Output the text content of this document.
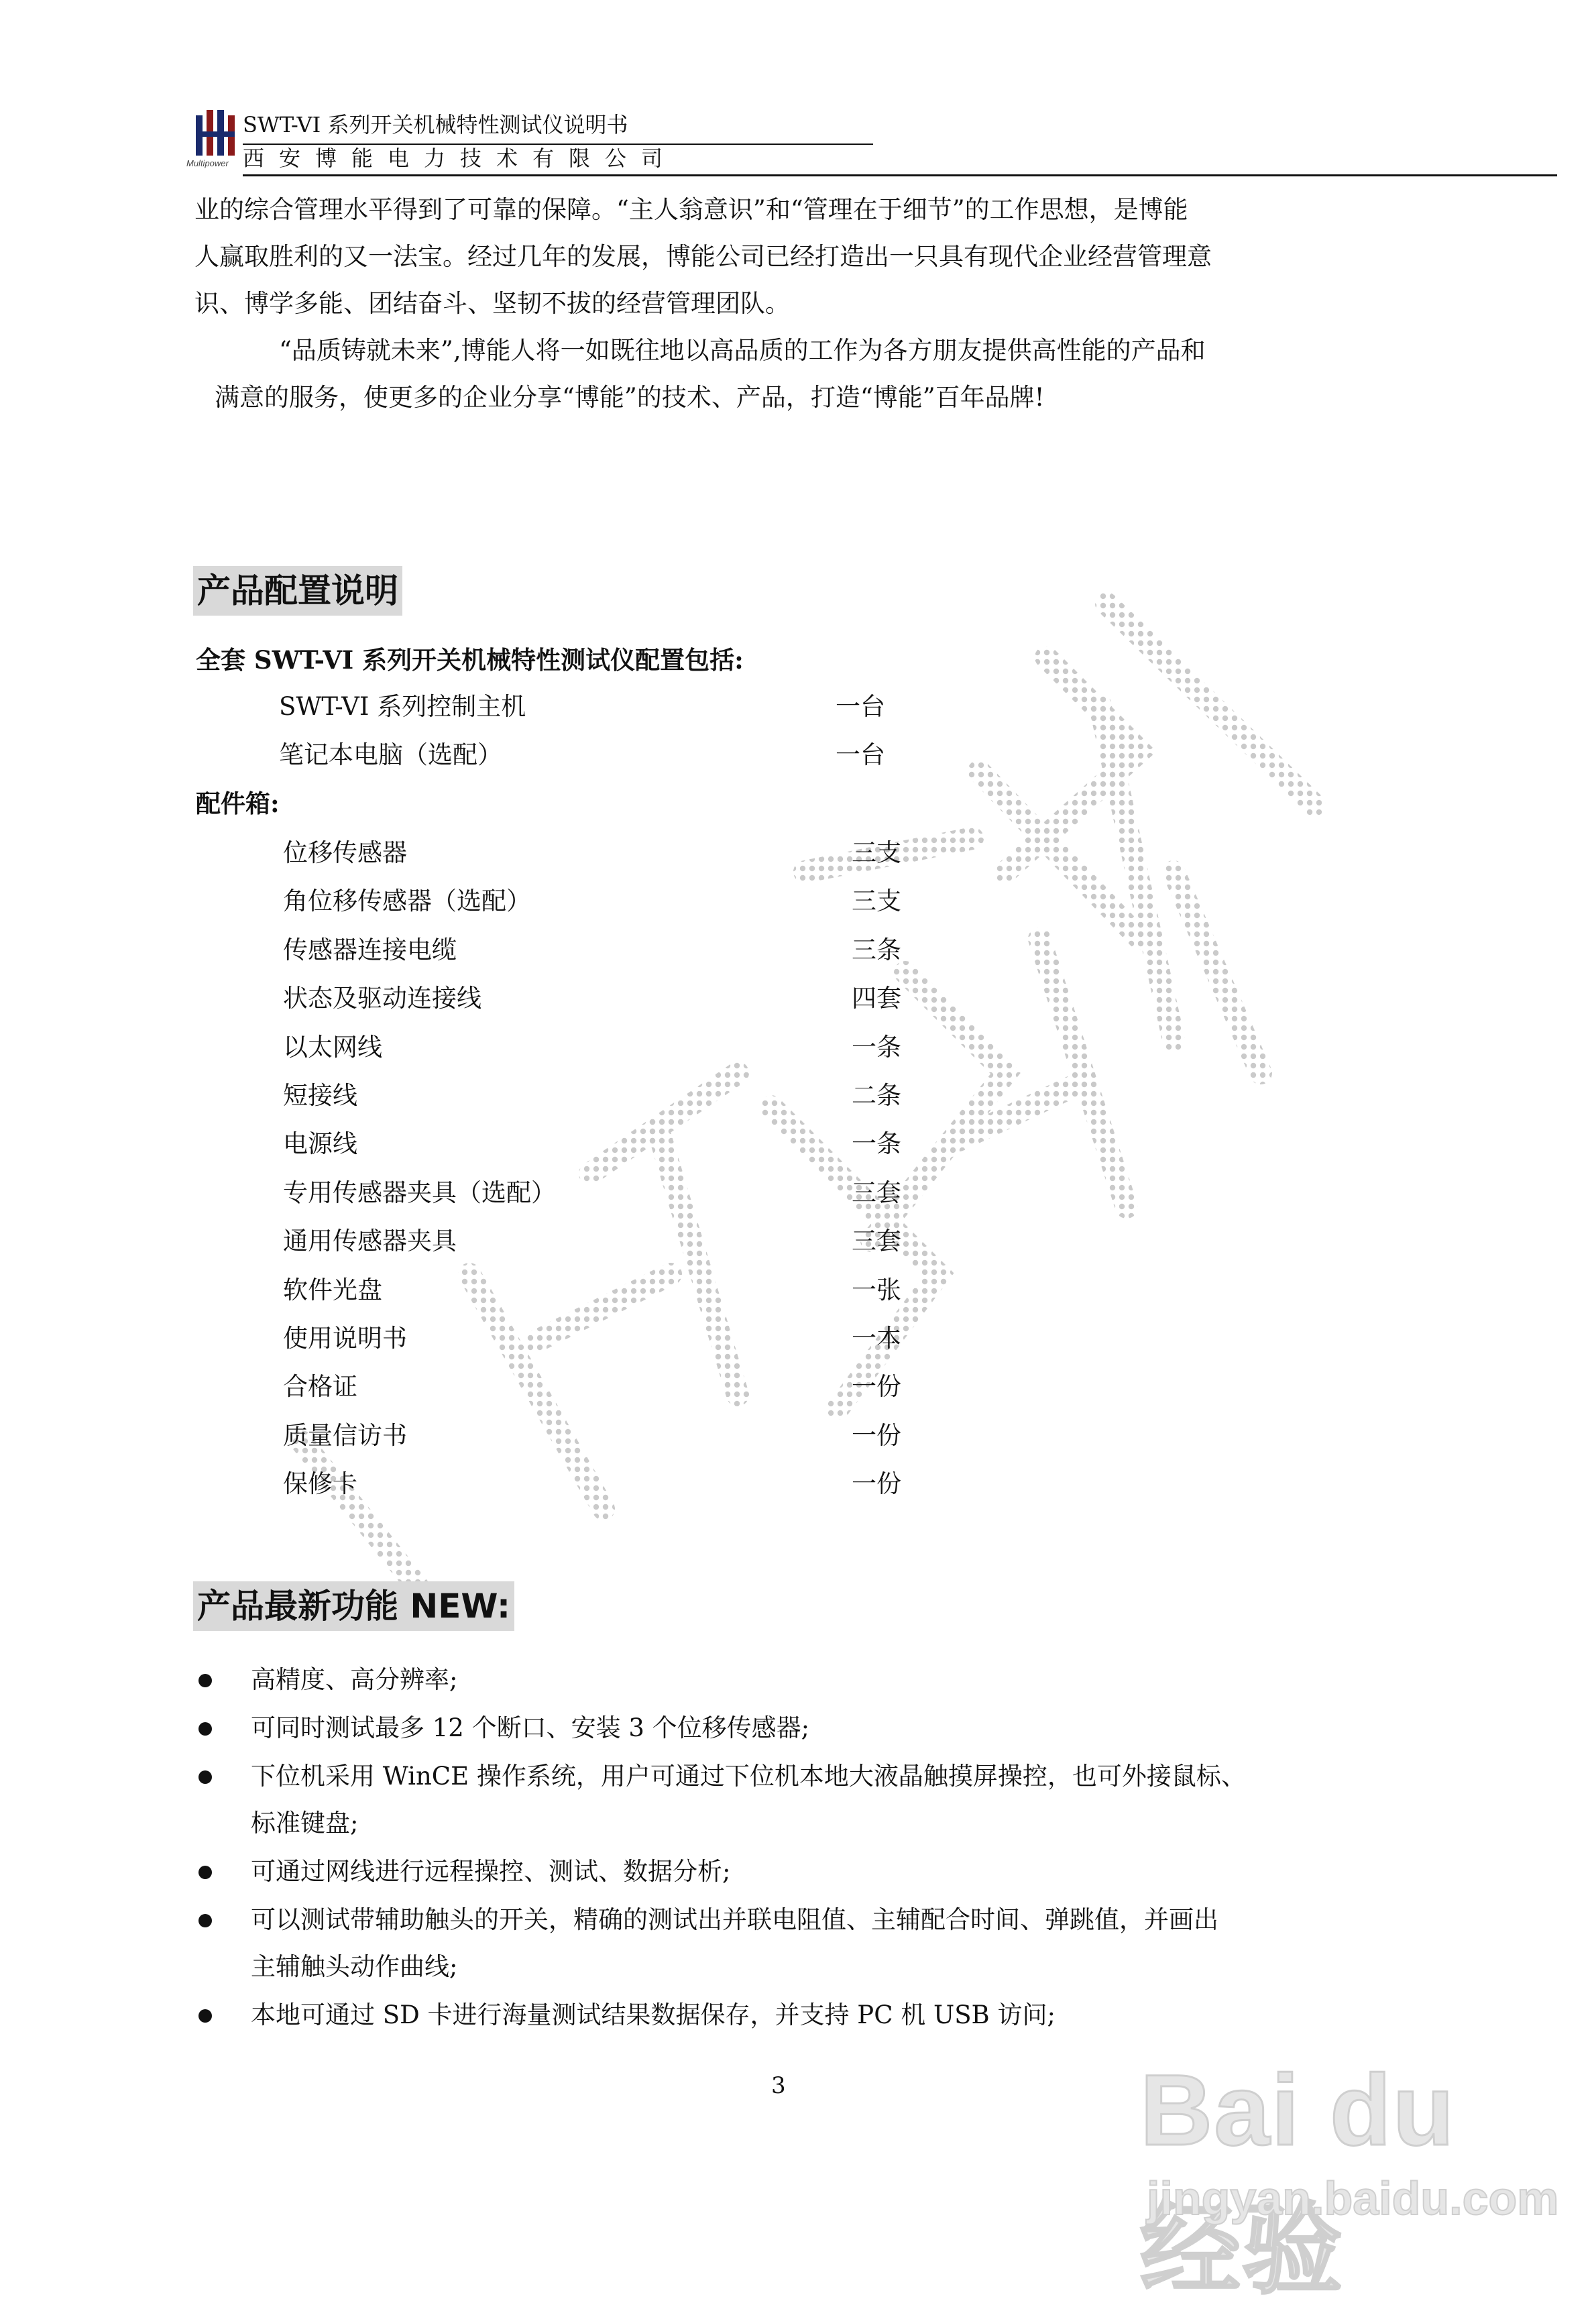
Multipower
SWT-VI 系列开关机械特性测试仪说明书
西安博能电力技术有限公司

业的综合管理水平得到了可靠的保障。“主人翁意识”和“管理在于细节”的工作思想，是博能

人赢取胜利的又一法宝。经过几年的发展，博能公司已经打造出一只具有现代企业经营管理意

识、博学多能、团结奋斗、坚韧不拔的经营管理团队。

“品质铸就未来”,博能人将一如既往地以高品质的工作为各方朋友提供高性能的产品和

满意的服务，使更多的企业分享“博能”的技术、产品，打造“博能”百年品牌!

产品配置说明
全套 SWT-VI 系列开关机械特性测试仪配置包括:
SWT-VI 系列控制主机	一台
笔记本电脑（选配）	一台
配件箱:
位移传感器	三支
角位移传感器（选配）	三支
传感器连接电缆	三条
状态及驱动连接线	四套
以太网线	一条
短接线	二条
电源线	一条
专用传感器夹具（选配）	三套
通用传感器夹具	三套
软件光盘	一张
使用说明书	一本
合格证	一份
质量信访书	一份
保修卡	一份
产品最新功能 NEW:
高精度、高分辨率;
可同时测试最多 12 个断口、安装 3 个位移传感器;
下位机采用 WinCE 操作系统，用户可通过下位机本地大液晶触摸屏操控，也可外接鼠标、
标准键盘;
可通过网线进行远程操控、测试、数据分析;
可以测试带辅助触头的开关，精确的测试出并联电阻值、主辅配合时间、弹跳值，并画出
主辅触头动作曲线;
本地可通过 SD 卡进行海量测试结果数据保存，并支持 PC 机 USB 访问;
3	Bai du 经验
jingyan.baidu.com
